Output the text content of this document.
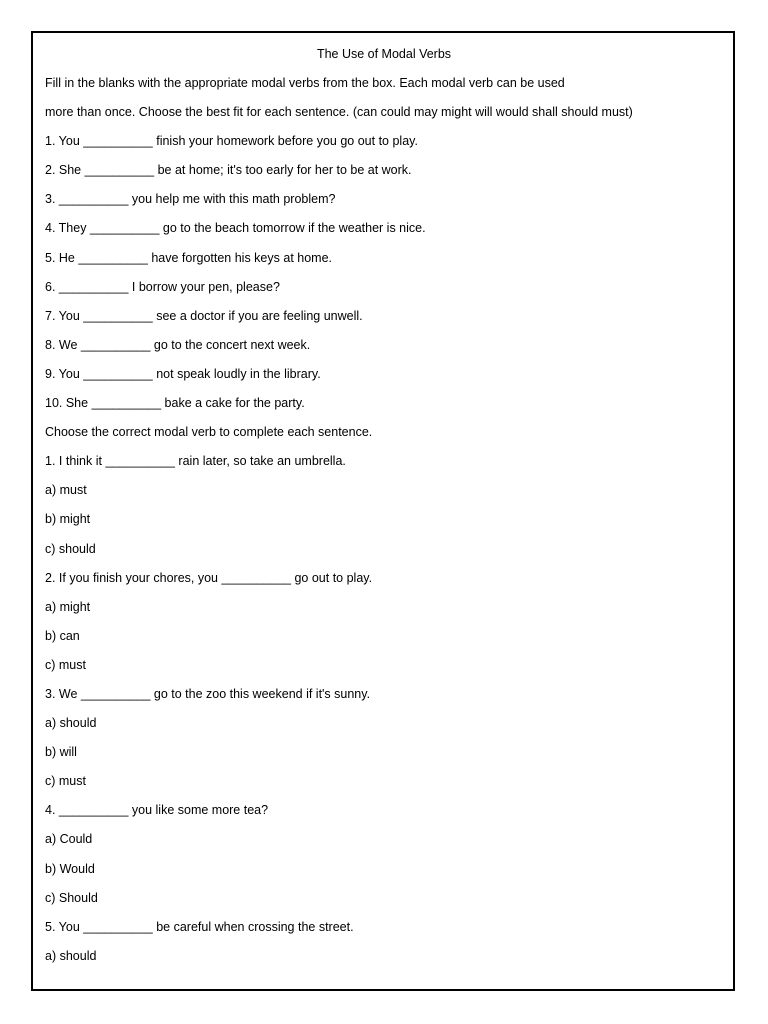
The Use of Modal Verbs
Fill in the blanks with the appropriate modal verbs from the box. Each modal verb can be used
more than once. Choose the best fit for each sentence. (can could may might will would shall should must)
1. You __________ finish your homework before you go out to play.
2. She __________ be at home; it's too early for her to be at work.
3. __________ you help me with this math problem?
4. They __________ go to the beach tomorrow if the weather is nice.
5. He __________ have forgotten his keys at home.
6. __________ I borrow your pen, please?
7. You __________ see a doctor if you are feeling unwell.
8. We __________ go to the concert next week.
9. You __________ not speak loudly in the library.
10. She __________ bake a cake for the party.
Choose the correct modal verb to complete each sentence.
1. I think it __________ rain later, so take an umbrella.
a) must
b) might
c) should
2. If you finish your chores, you __________ go out to play.
a) might
b) can
c) must
3. We __________ go to the zoo this weekend if it's sunny.
a) should
b) will
c) must
4. __________ you like some more tea?
a) Could
b) Would
c) Should
5. You __________ be careful when crossing the street.
a) should
